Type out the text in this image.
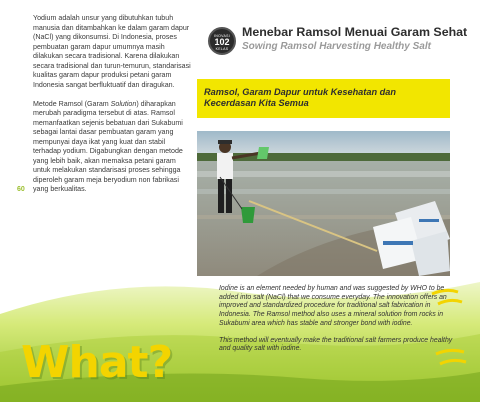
Yodium adalah unsur yang dibutuhkan tubuh manusia dan ditambahkan ke dalam garam dapur (NaCl) yang dikonsumsi. Di Indonesia, proses pembuatan garam dapur umumnya masih dilakukan secara tradisional. Karena dilakukan secara tradisional dan turun-temurun, standarisasi kualitas garam dapur produksi petani garam Indonesia sangat berfluktuatif dan diragukan.

Metode Ramsol (Garam Solution) diharapkan merubah paradigma tersebut di atas. Ramsol memanfaatkan sejenis bebatuan dari Sukabumi sebagai lantai dasar pembuatan garam yang mempunyai daya ikat yang kuat dan stabil terhadap yodium. Digabungkan dengan metode yang lebih baik, akan memaksa petani garam untuk melakukan standarisasi proses sehingga diperoleh garam meja beryodium non fabrikasi yang berkualitas.

60
INOVASI
102
KELAS
Menebar Ramsol Menuai Garam Sehat
Sowing Ramsol Harvesting Healthy Salt
Ramsol, Garam Dapur untuk Kesehatan dan
Kecerdasan Kita Semua

Iodine is an element needed by human and was suggested by WHO to be added into salt (NaCl) that we consume everyday. The innovation offers an improved and standardized procedure for traditional salt fabrication in Indonesia. The Ramsol method also uses a mineral solution from rocks in Sukabumi area which has stable and stronger bond with iodine.

This method will eventually make the traditional salt farmers produce healthy and quality salt with iodine.

What?
